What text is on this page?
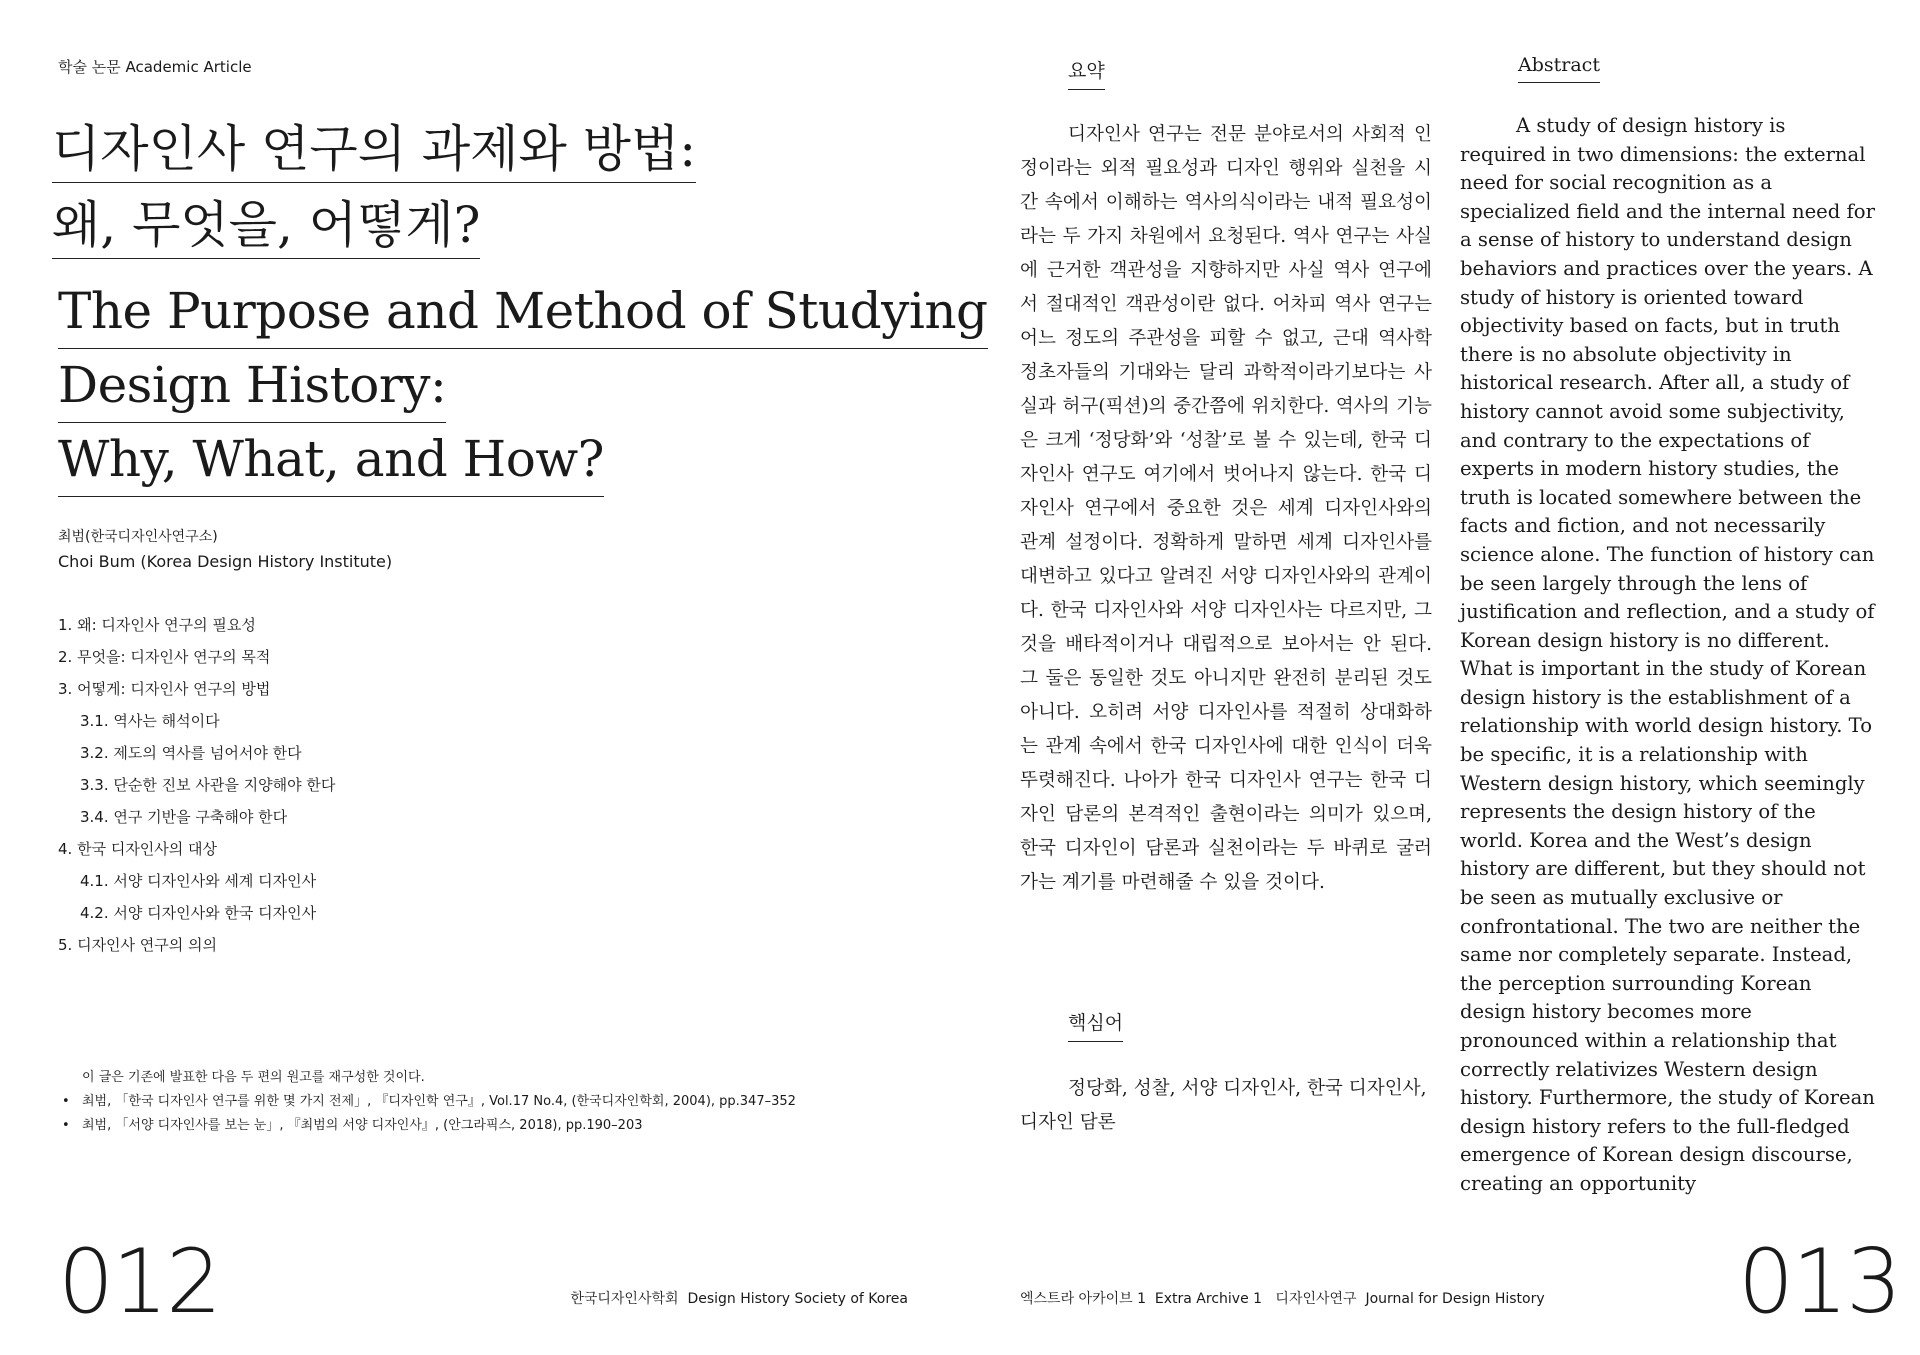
학술 논문 Academic Article
디자인사 연구의 과제와 방법:
왜, 무엇을, 어떻게?
The Purpose and Method of Studying
Design History:
Why, What, and How?
최범(한국디자인사연구소)
Choi Bum (Korea Design History Institute)
1. 왜: 디자인사 연구의 필요성
2. 무엇을: 디자인사 연구의 목적
3. 어떻게: 디자인사 연구의 방법
3.1. 역사는 해석이다
3.2. 제도의 역사를 넘어서야 한다
3.3. 단순한 진보 사관을 지양해야 한다
3.4. 연구 기반을 구축해야 한다
4. 한국 디자인사의 대상
4.1. 서양 디자인사와 세계 디자인사
4.2. 서양 디자인사와 한국 디자인사
5. 디자인사 연구의 의의
이 글은 기존에 발표한 다음 두 편의 원고를 재구성한 것이다.
• 최범, 「한국 디자인사 연구를 위한 몇 가지 전제」, 『디자인학 연구』, Vol.17 No.4, (한국디자인학회, 2004), pp.347–352
• 최범, 「서양 디자인사를 보는 눈」, 『최범의 서양 디자인사』, (안그라픽스, 2018), pp.190–203
012	한국디자인사학회 Design History Society of Korea
요약

디자인사 연구는 전문 분야로서의 사회적 인정이라는 외적 필요성과 디자인 행위와 실천을 시간 속에서 이해하는 역사의식이라는 내적 필요성이라는 두 가지 차원에서 요청된다. 역사 연구는 사실에 근거한 객관성을 지향하지만 사실 역사 연구에서 절대적인 객관성이란 없다. 어차피 역사 연구는 어느 정도의 주관성을 피할 수 없고, 근대 역사학 정초자들의 기대와는 달리 과학적이라기보다는 사실과 허구(픽션)의 중간쯤에 위치한다. 역사의 기능은 크게 ‘정당화’와 ‘성찰’로 볼 수 있는데, 한국 디자인사 연구도 여기에서 벗어나지 않는다. 한국 디자인사 연구에서 중요한 것은 세계 디자인사와의 관계 설정이다. 정확하게 말하면 세계 디자인사를 대변하고 있다고 알려진 서양 디자인사와의 관계이다. 한국 디자인사와 서양 디자인사는 다르지만, 그것을 배타적이거나 대립적으로 보아서는 안 된다. 그 둘은 동일한 것도 아니지만 완전히 분리된 것도 아니다. 오히려 서양 디자인사를 적절히 상대화하는 관계 속에서 한국 디자인사에 대한 인식이 더욱 뚜렷해진다. 나아가 한국 디자인사 연구는 한국 디자인 담론의 본격적인 출현이라는 의미가 있으며, 한국 디자인이 담론과 실천이라는 두 바퀴로 굴러가는 계기를 마련해줄 수 있을 것이다.

핵심어

정당화, 성찰, 서양 디자인사, 한국 디자인사, 디자인 담론

Abstract

A study of design history is required in two dimensions: the external need for social recognition as a specialized field and the internal need for a sense of history to understand design behaviors and practices over the years. A study of history is oriented toward objectivity based on facts, but in truth there is no absolute objectivity in historical research. After all, a study of history cannot avoid some subjectivity, and contrary to the expectations of experts in modern history studies, the truth is located somewhere between the facts and fiction, and not necessarily science alone. The function of history can be seen largely through the lens of justification and reflection, and a study of Korean design history is no different. What is important in the study of Korean design history is the establishment of a relationship with world design history. To be specific, it is a relationship with Western design history, which seemingly represents the design history of the world. Korea and the West’s design history are different, but they should not be seen as mutually exclusive or confrontational. The two are neither the same nor completely separate. Instead, the perception surrounding Korean design history becomes more pronounced within a relationship that correctly relativizes Western design history. Furthermore, the study of Korean design history refers to the full-fledged emergence of Korean design discourse, creating an opportunity

엑스트라 아카이브 1 Extra Archive 1 디자인사연구 Journal for Design History 013
